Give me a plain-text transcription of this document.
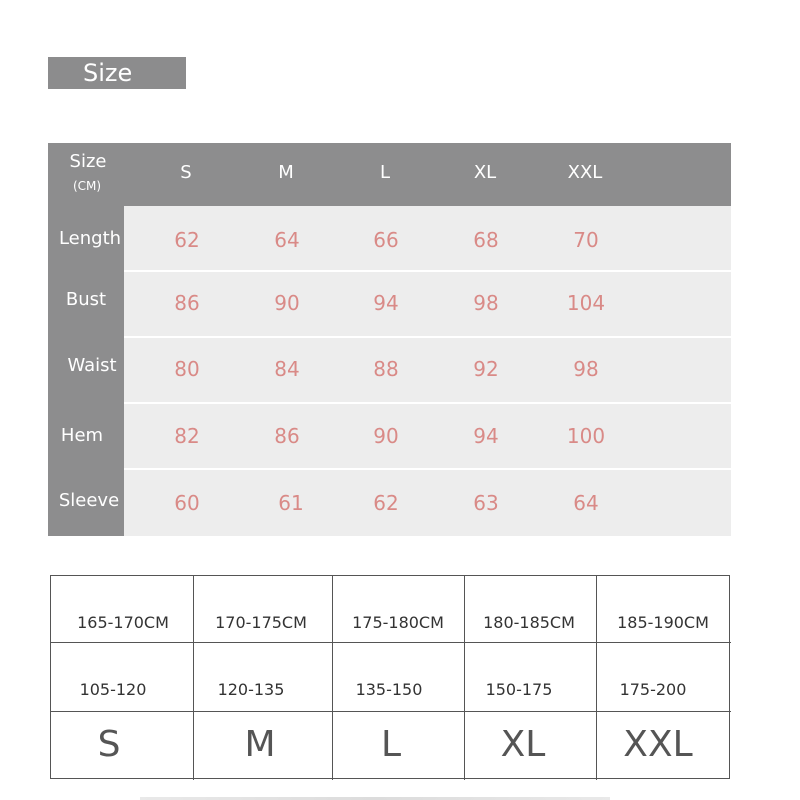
Size
Size
(CM)
S	M	L	XL	XXL
Length	62	64	66	68	70
Bust	86	90	94	98	104
Waist	80	84	88	92	98
Hem	82	86	90	94	100
Sleeve	60	61	62	63	64
165-170CM	170-175CM	175-180CM	180-185CM	185-190CM
105-120	120-135	135-150	150-175	175-200
S	M	L	XL	XXL
